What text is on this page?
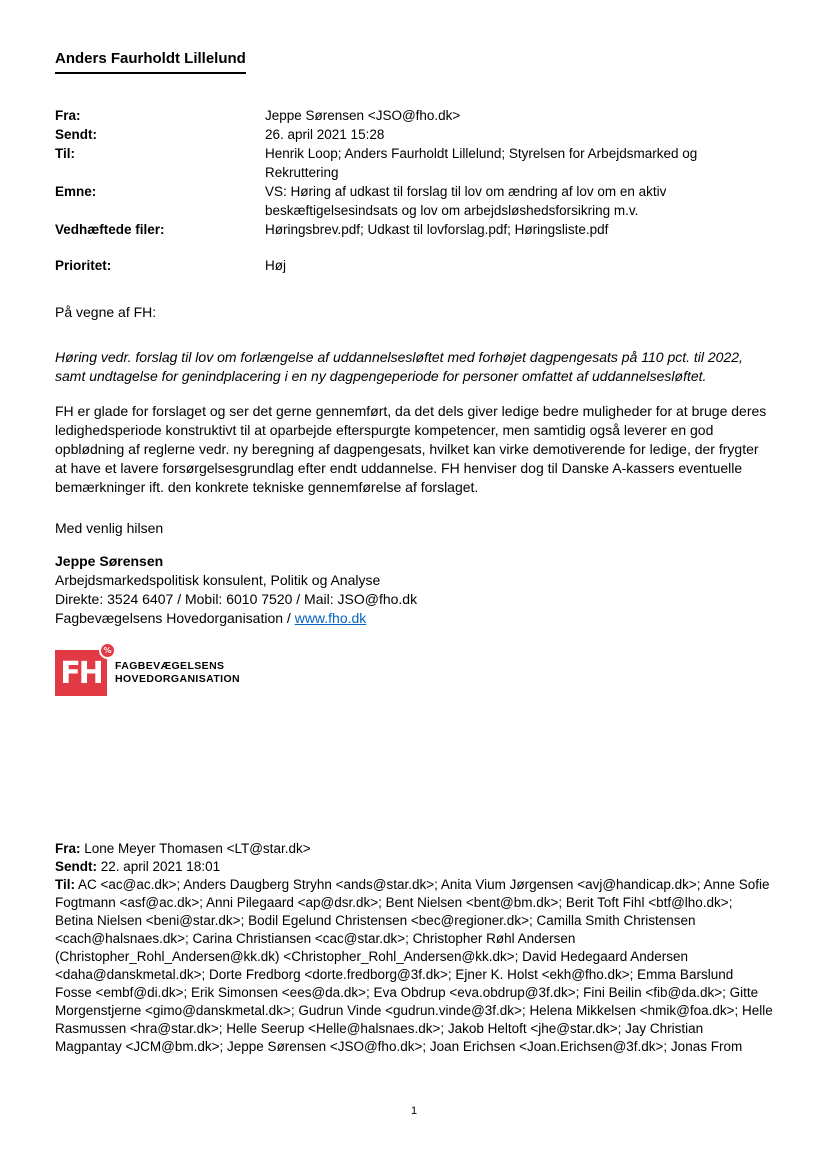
Anders Faurholdt Lillelund
Fra:	Jeppe Sørensen <JSO@fho.dk>
Sendt:	26. april 2021 15:28
Til:	Henrik Loop; Anders Faurholdt Lillelund; Styrelsen for Arbejdsmarked og Rekruttering
Emne:	VS: Høring af udkast til forslag til lov om ændring af lov om en aktiv beskæftigelsesindsats og lov om arbejdsløshedsforsikring m.v.
Vedhæftede filer:	Høringsbrev.pdf; Udkast til lovforslag.pdf; Høringsliste.pdf
Prioritet:	Høj

På vegne af FH:

Høring vedr. forslag til lov om forlængelse af uddannelsesløftet med forhøjet dagpengesats på 110 pct. til 2022, samt undtagelse for genindplacering i en ny dagpengeperiode for personer omfattet af uddannelsesløftet.

FH er glade for forslaget og ser det gerne gennemført, da det dels giver ledige bedre muligheder for at bruge deres ledighedsperiode konstruktivt til at oparbejde efterspurgte kompetencer, men samtidig også leverer en god opblødning af reglerne vedr. ny beregning af dagpengesats, hvilket kan virke demotiverende for ledige, der frygter at have et lavere forsørgelsesgrundlag efter endt uddannelse. FH henviser dog til Danske A-kassers eventuelle bemærkninger ift. den konkrete tekniske gennemførelse af forslaget.

Med venlig hilsen

Jeppe Sørensen
Arbejdsmarkedspolitisk konsulent, Politik og Analyse
Direkte: 3524 6407 / Mobil: 6010 7520 / Mail: JSO@fho.dk
Fagbevægelsens Hovedorganisation / www.fho.dk
FH
%
FAGBEVÆGELSENS
HOVEDORGANISATION
Fra: Lone Meyer Thomasen <LT@star.dk>
Sendt: 22. april 2021 18:01
Til: AC <ac@ac.dk>; Anders Daugberg Stryhn <ands@star.dk>; Anita Vium Jørgensen <avj@handicap.dk>; Anne Sofie Fogtmann <asf@ac.dk>; Anni Pilegaard <ap@dsr.dk>; Bent Nielsen <bent@bm.dk>; Berit Toft Fihl <btf@lho.dk>; Betina Nielsen <beni@star.dk>; Bodil Egelund Christensen <bec@regioner.dk>; Camilla Smith Christensen <cach@halsnaes.dk>; Carina Christiansen <cac@star.dk>; Christopher Røhl Andersen (Christopher_Rohl_Andersen@kk.dk) <Christopher_Rohl_Andersen@kk.dk>; David Hedegaard Andersen <daha@danskmetal.dk>; Dorte Fredborg <dorte.fredborg@3f.dk>; Ejner K. Holst <ekh@fho.dk>; Emma Barslund Fosse <embf@di.dk>; Erik Simonsen <ees@da.dk>; Eva Obdrup <eva.obdrup@3f.dk>; Fini Beilin <fib@da.dk>; Gitte Morgenstjerne <gimo@danskmetal.dk>; Gudrun Vinde <gudrun.vinde@3f.dk>; Helena Mikkelsen <hmik@foa.dk>; Helle Rasmussen <hra@star.dk>; Helle Seerup <Helle@halsnaes.dk>; Jakob Heltoft <jhe@star.dk>; Jay Christian Magpantay <JCM@bm.dk>; Jeppe Sørensen <JSO@fho.dk>; Joan Erichsen <Joan.Erichsen@3f.dk>; Jonas From
1
